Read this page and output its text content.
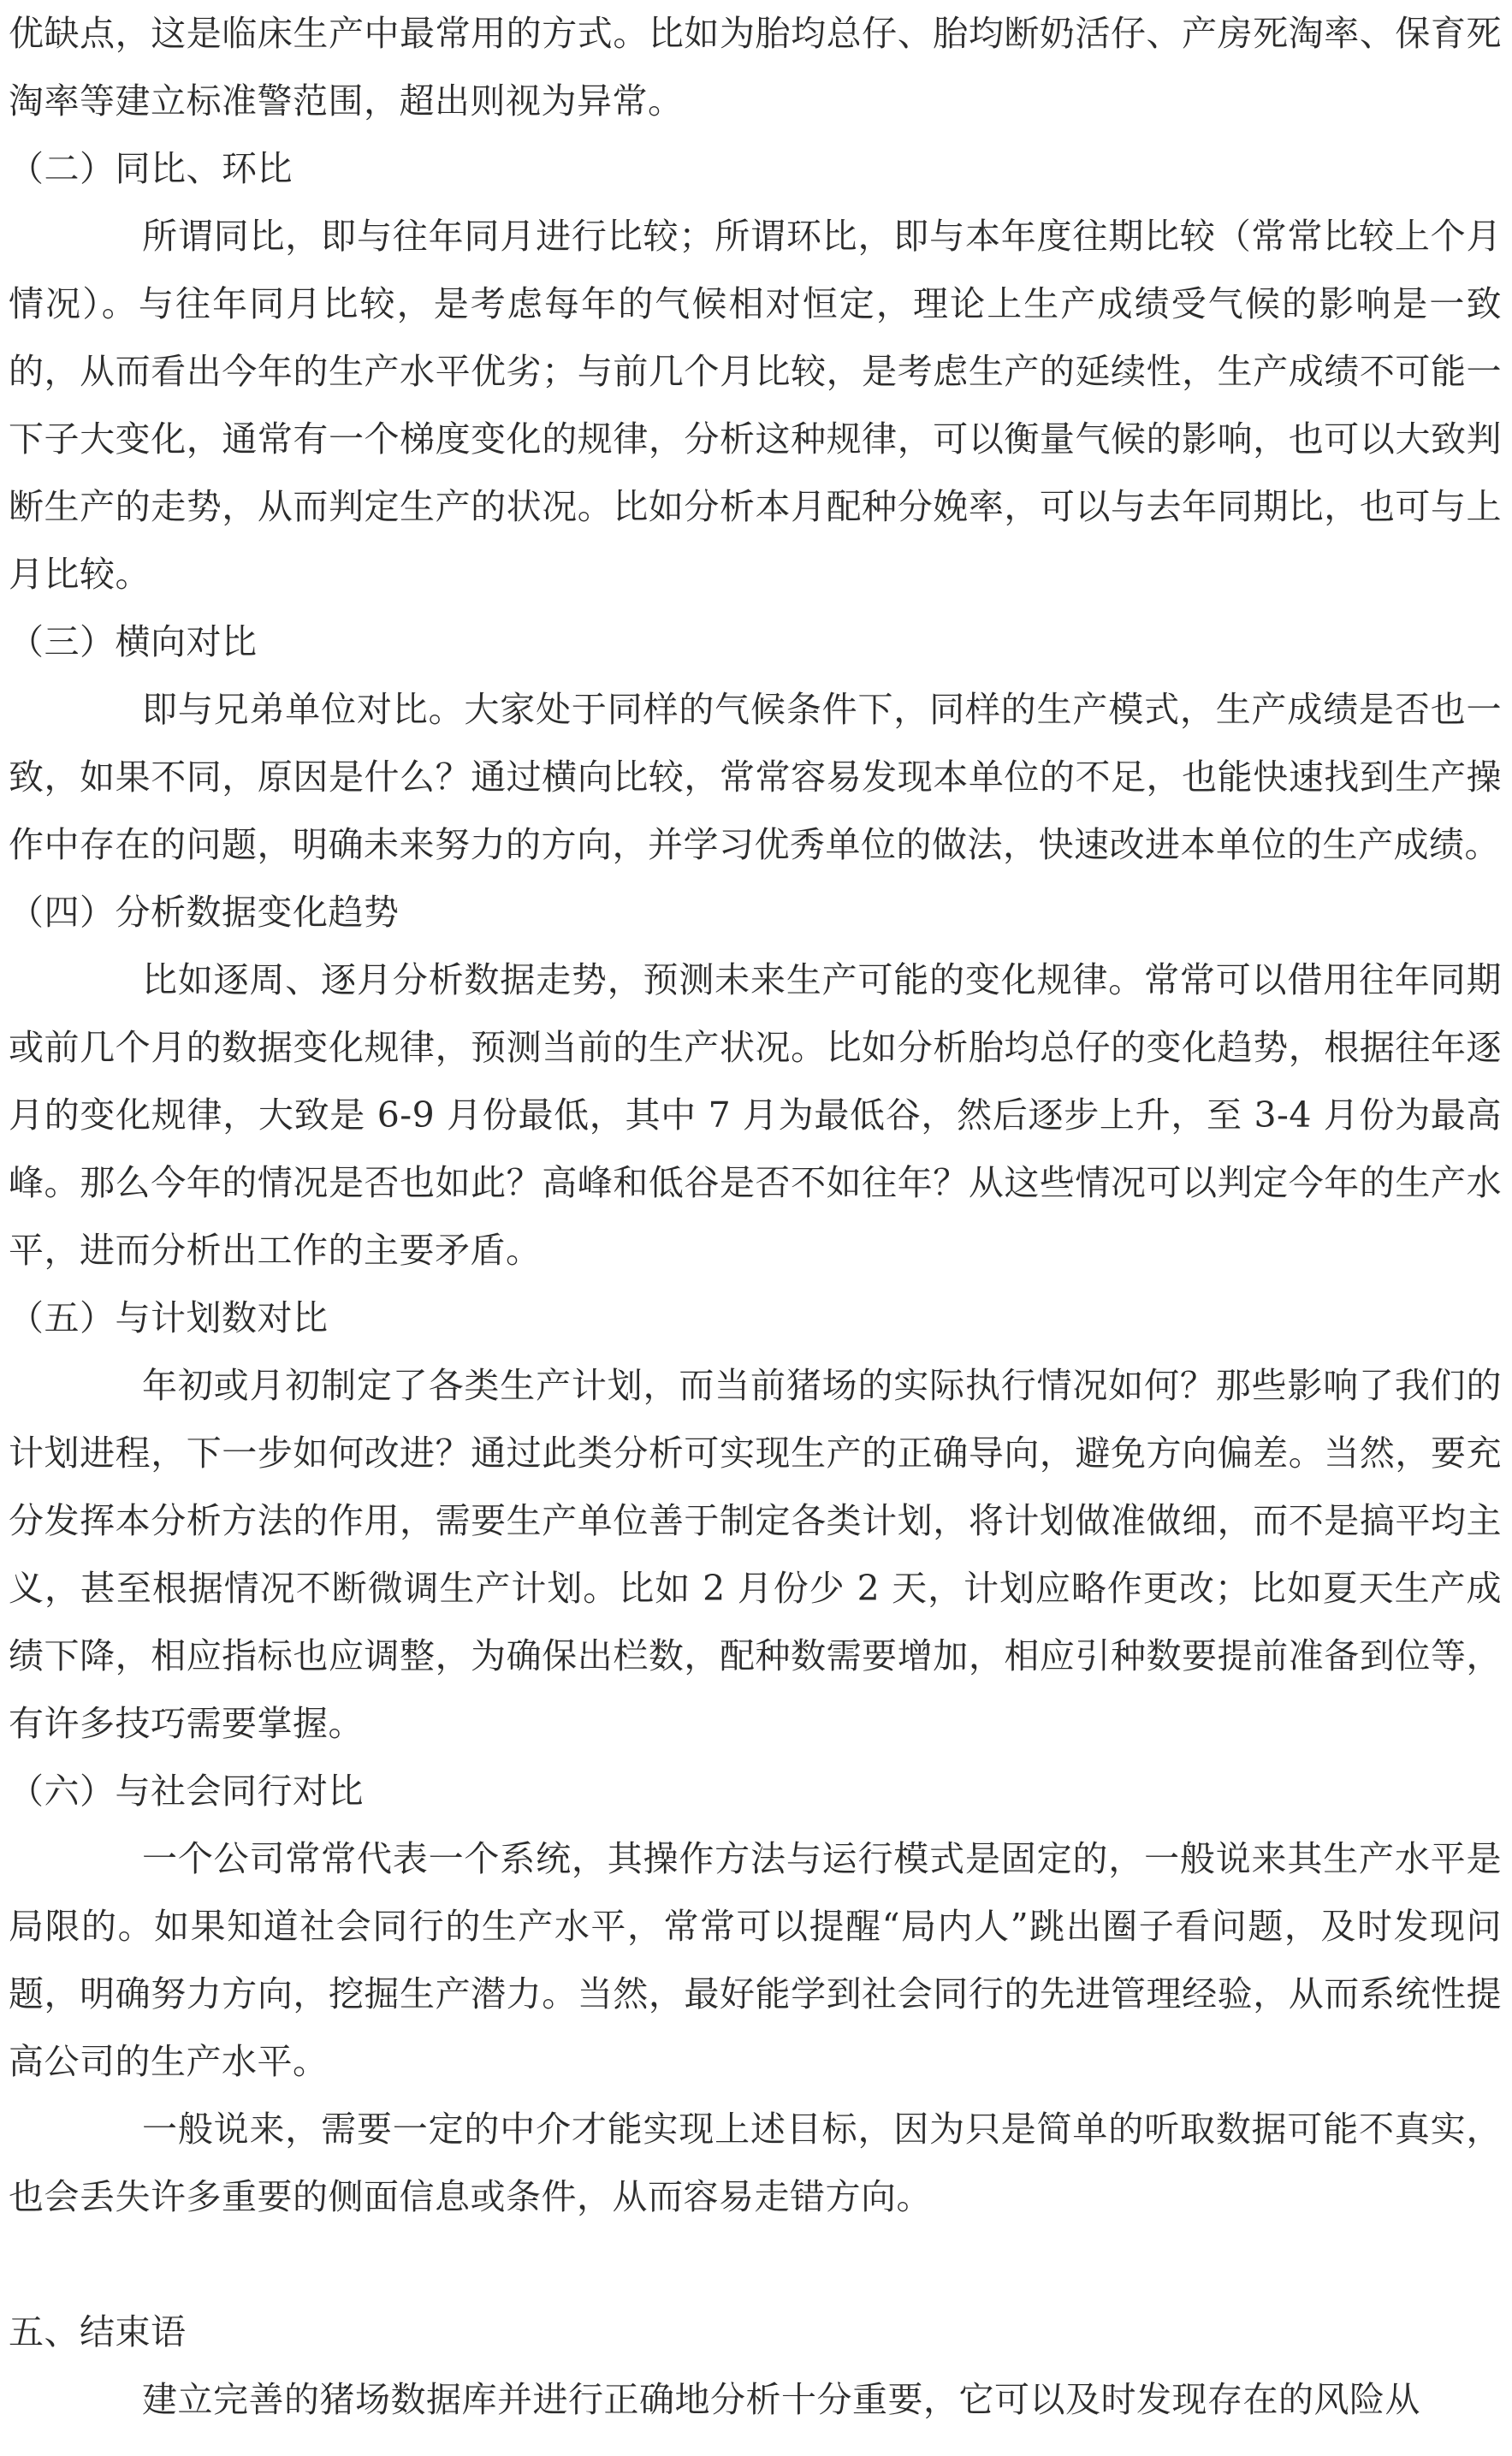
优缺点，这是临床生产中最常用的方式。比如为胎均总仔、胎均断奶活仔、产房死淘率、保育死淘率等建立标准警范围，超出则视为异常。

（二）同比、环比

所谓同比，即与往年同月进行比较；所谓环比，即与本年度往期比较（常常比较上个月情况）。与往年同月比较，是考虑每年的气候相对恒定，理论上生产成绩受气候的影响是一致的，从而看出今年的生产水平优劣；与前几个月比较，是考虑生产的延续性，生产成绩不可能一下子大变化，通常有一个梯度变化的规律，分析这种规律，可以衡量气候的影响，也可以大致判断生产的走势，从而判定生产的状况。比如分析本月配种分娩率，可以与去年同期比，也可与上月比较。

（三）横向对比

即与兄弟单位对比。大家处于同样的气候条件下，同样的生产模式，生产成绩是否也一致，如果不同，原因是什么？通过横向比较，常常容易发现本单位的不足，也能快速找到生产操作中存在的问题，明确未来努力的方向，并学习优秀单位的做法，快速改进本单位的生产成绩。

（四）分析数据变化趋势

比如逐周、逐月分析数据走势，预测未来生产可能的变化规律。常常可以借用往年同期或前几个月的数据变化规律，预测当前的生产状况。比如分析胎均总仔的变化趋势，根据往年逐月的变化规律，大致是 6-9 月份最低，其中 7 月为最低谷，然后逐步上升，至 3-4 月份为最高峰。那么今年的情况是否也如此？高峰和低谷是否不如往年？从这些情况可以判定今年的生产水平，进而分析出工作的主要矛盾。

（五）与计划数对比

年初或月初制定了各类生产计划，而当前猪场的实际执行情况如何？那些影响了我们的计划进程，下一步如何改进？通过此类分析可实现生产的正确导向，避免方向偏差。当然，要充分发挥本分析方法的作用，需要生产单位善于制定各类计划，将计划做准做细，而不是搞平均主义，甚至根据情况不断微调生产计划。比如 2 月份少 2 天，计划应略作更改；比如夏天生产成绩下降，相应指标也应调整，为确保出栏数，配种数需要增加，相应引种数要提前准备到位等，有许多技巧需要掌握。

（六）与社会同行对比

一个公司常常代表一个系统，其操作方法与运行模式是固定的，一般说来其生产水平是局限的。如果知道社会同行的生产水平，常常可以提醒“局内人”跳出圈子看问题，及时发现问题，明确努力方向，挖掘生产潜力。当然，最好能学到社会同行的先进管理经验，从而系统性提高公司的生产水平。

一般说来，需要一定的中介才能实现上述目标，因为只是简单的听取数据可能不真实，也会丢失许多重要的侧面信息或条件，从而容易走错方向。

五、结束语

建立完善的猪场数据库并进行正确地分析十分重要，它可以及时发现存在的风险从
